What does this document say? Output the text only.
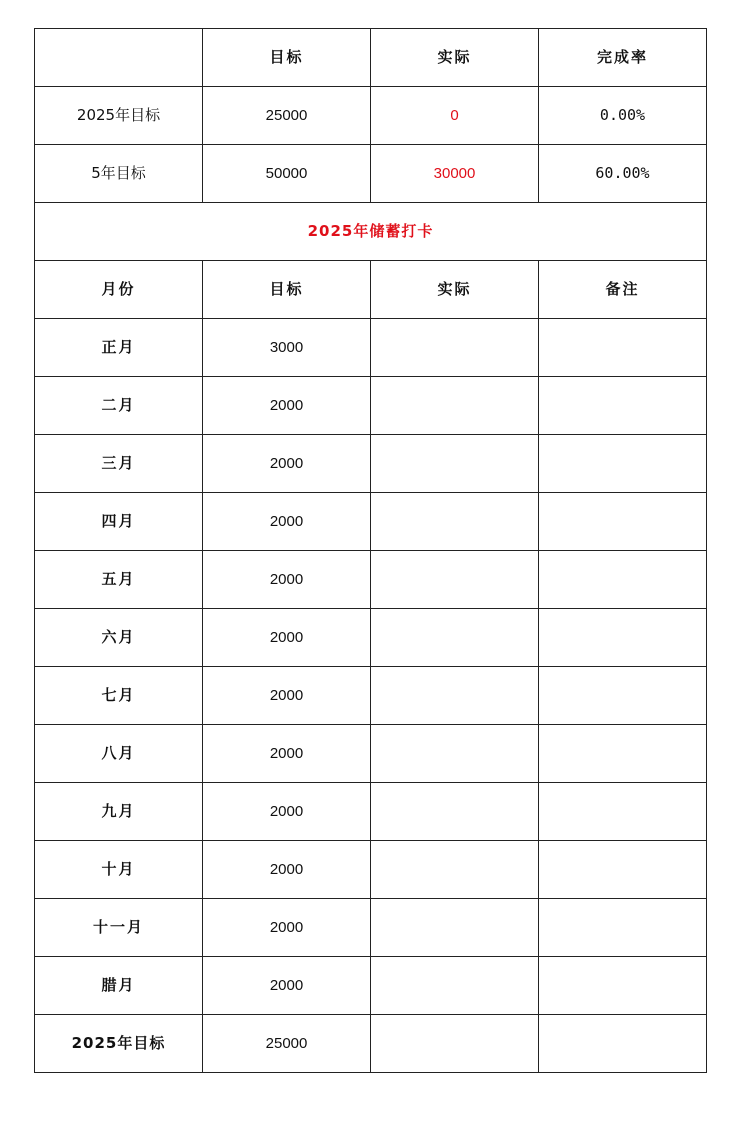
	目标	实际	完成率
2025年目标	25000	0	0.00%
5年目标	50000	30000	60.00%
2025年储蓄打卡			
月份	目标	实际	备注
正月	3000		
二月	2000		
三月	2000		
四月	2000		
五月	2000		
六月	2000		
七月	2000		
八月	2000		
九月	2000		
十月	2000		
十一月	2000		
腊月	2000		
2025年目标	25000		
